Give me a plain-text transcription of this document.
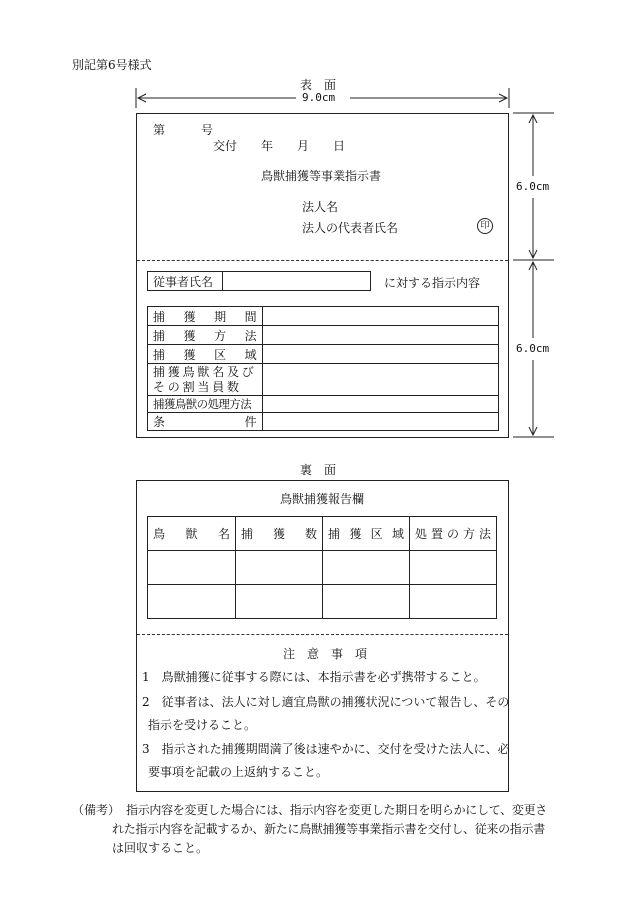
別記第6号様式
表　面
9.0cm
6.0cm
6.0cm
第　　　号
交付　　年　　月　　日
鳥獣捕獲等事業指示書
法人名
法人の代表者氏名	印
従事者氏名		に対する指示内容
捕 獲 期 間	

捕 獲 方 法	

捕 獲 区 域	

捕獲鳥獣名及び
その割当員数	

捕獲鳥獣の処理方法	

条 件	

裏　面
鳥獣捕獲報告欄
鳥 獣 名	捕 獲 数	捕 獲 区 域	処 置 の 方 法

注　意　事　項
1　鳥獣捕獲に従事する際には、本指示書を必ず携帯すること。
2　従事者は、法人に対し適宜鳥獣の捕獲状況について報告し、その
指示を受けること。
3　指示された捕獲期間満了後は速やかに、交付を受けた法人に、必
要事項を記載の上返納すること。
（備考） 指示内容を変更した場合には、指示内容を変更した期日を明らかにして、変更さ
れた指示内容を記載するか、新たに鳥獣捕獲等事業指示書を交付し、従来の指示書
は回収すること。
